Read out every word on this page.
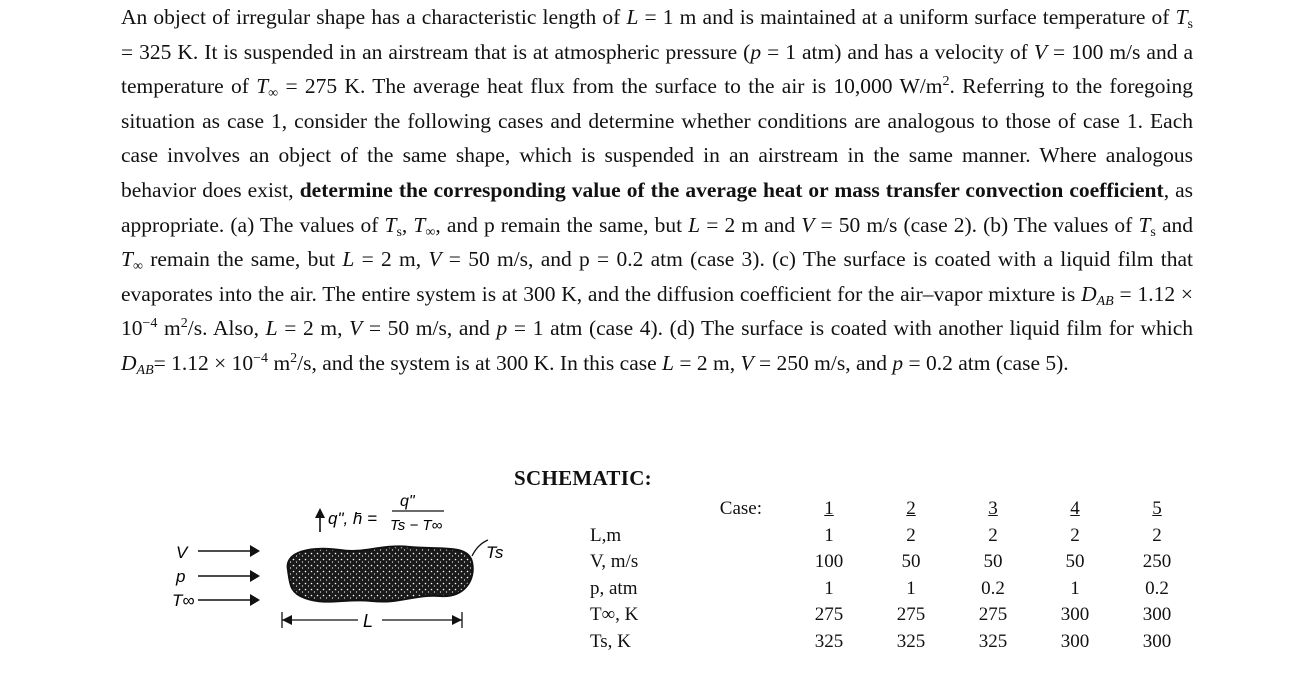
An object of irregular shape has a characteristic length of L = 1 m and is maintained at a uniform surface temperature of $T_s = 325$ K. It is suspended in an airstream that is at atmospheric pressure (p = 1 atm) and has a velocity of V = 100 m/s and a temperature of $T_\infty = 275$ K. The average heat flux from the surface to the air is 10,000 $W/m^2$. Referring to the foregoing situation as case 1, consider the following cases and determine whether conditions are analogous to those of case 1. Each case involves an object of the same shape, which is suspended in an airstream in the same manner. Where analogous behavior does exist, determine the corresponding value of the average heat or mass transfer convection coefficient, as appropriate. (a) The values of $T_s$, $T_\infty$, and p remain the same, but L = 2 m and V = 50 m/s (case 2). (b) The values of $T_s$ and $T_\infty$ remain the same, but L = 2 m, V = 50 m/s, and p = 0.2 atm (case 3). (c) The surface is coated with a liquid film that evaporates into the air. The entire system is at 300 K, and the diffusion coefficient for the air–vapor mixture is $D_{AB} = 1.12 \times 10^{-4}$ $m^2/s$. Also, L = 2 m, V = 50 m/s, and p = 1 atm (case 4). (d) The surface is coated with another liquid film for which $D_{AB}= 1.12 \times 10^{-4}$ $m^2/s$, and the system is at 300 K. In this case L = 2 m, V = 250 m/s, and p = 0.2 atm (case 5).

SCHEMATIC:
V
p
T∞
q", h̄ =
q"
Ts − T∞
Ts
L
Case:	1	2	3	4	5
L,m	1	2	2	2	2
V, m/s	100	50	50	50	250
p, atm	1	1	0.2	1	0.2
T∞, K	275	275	275	300	300
Ts, K	325	325	325	300	300
